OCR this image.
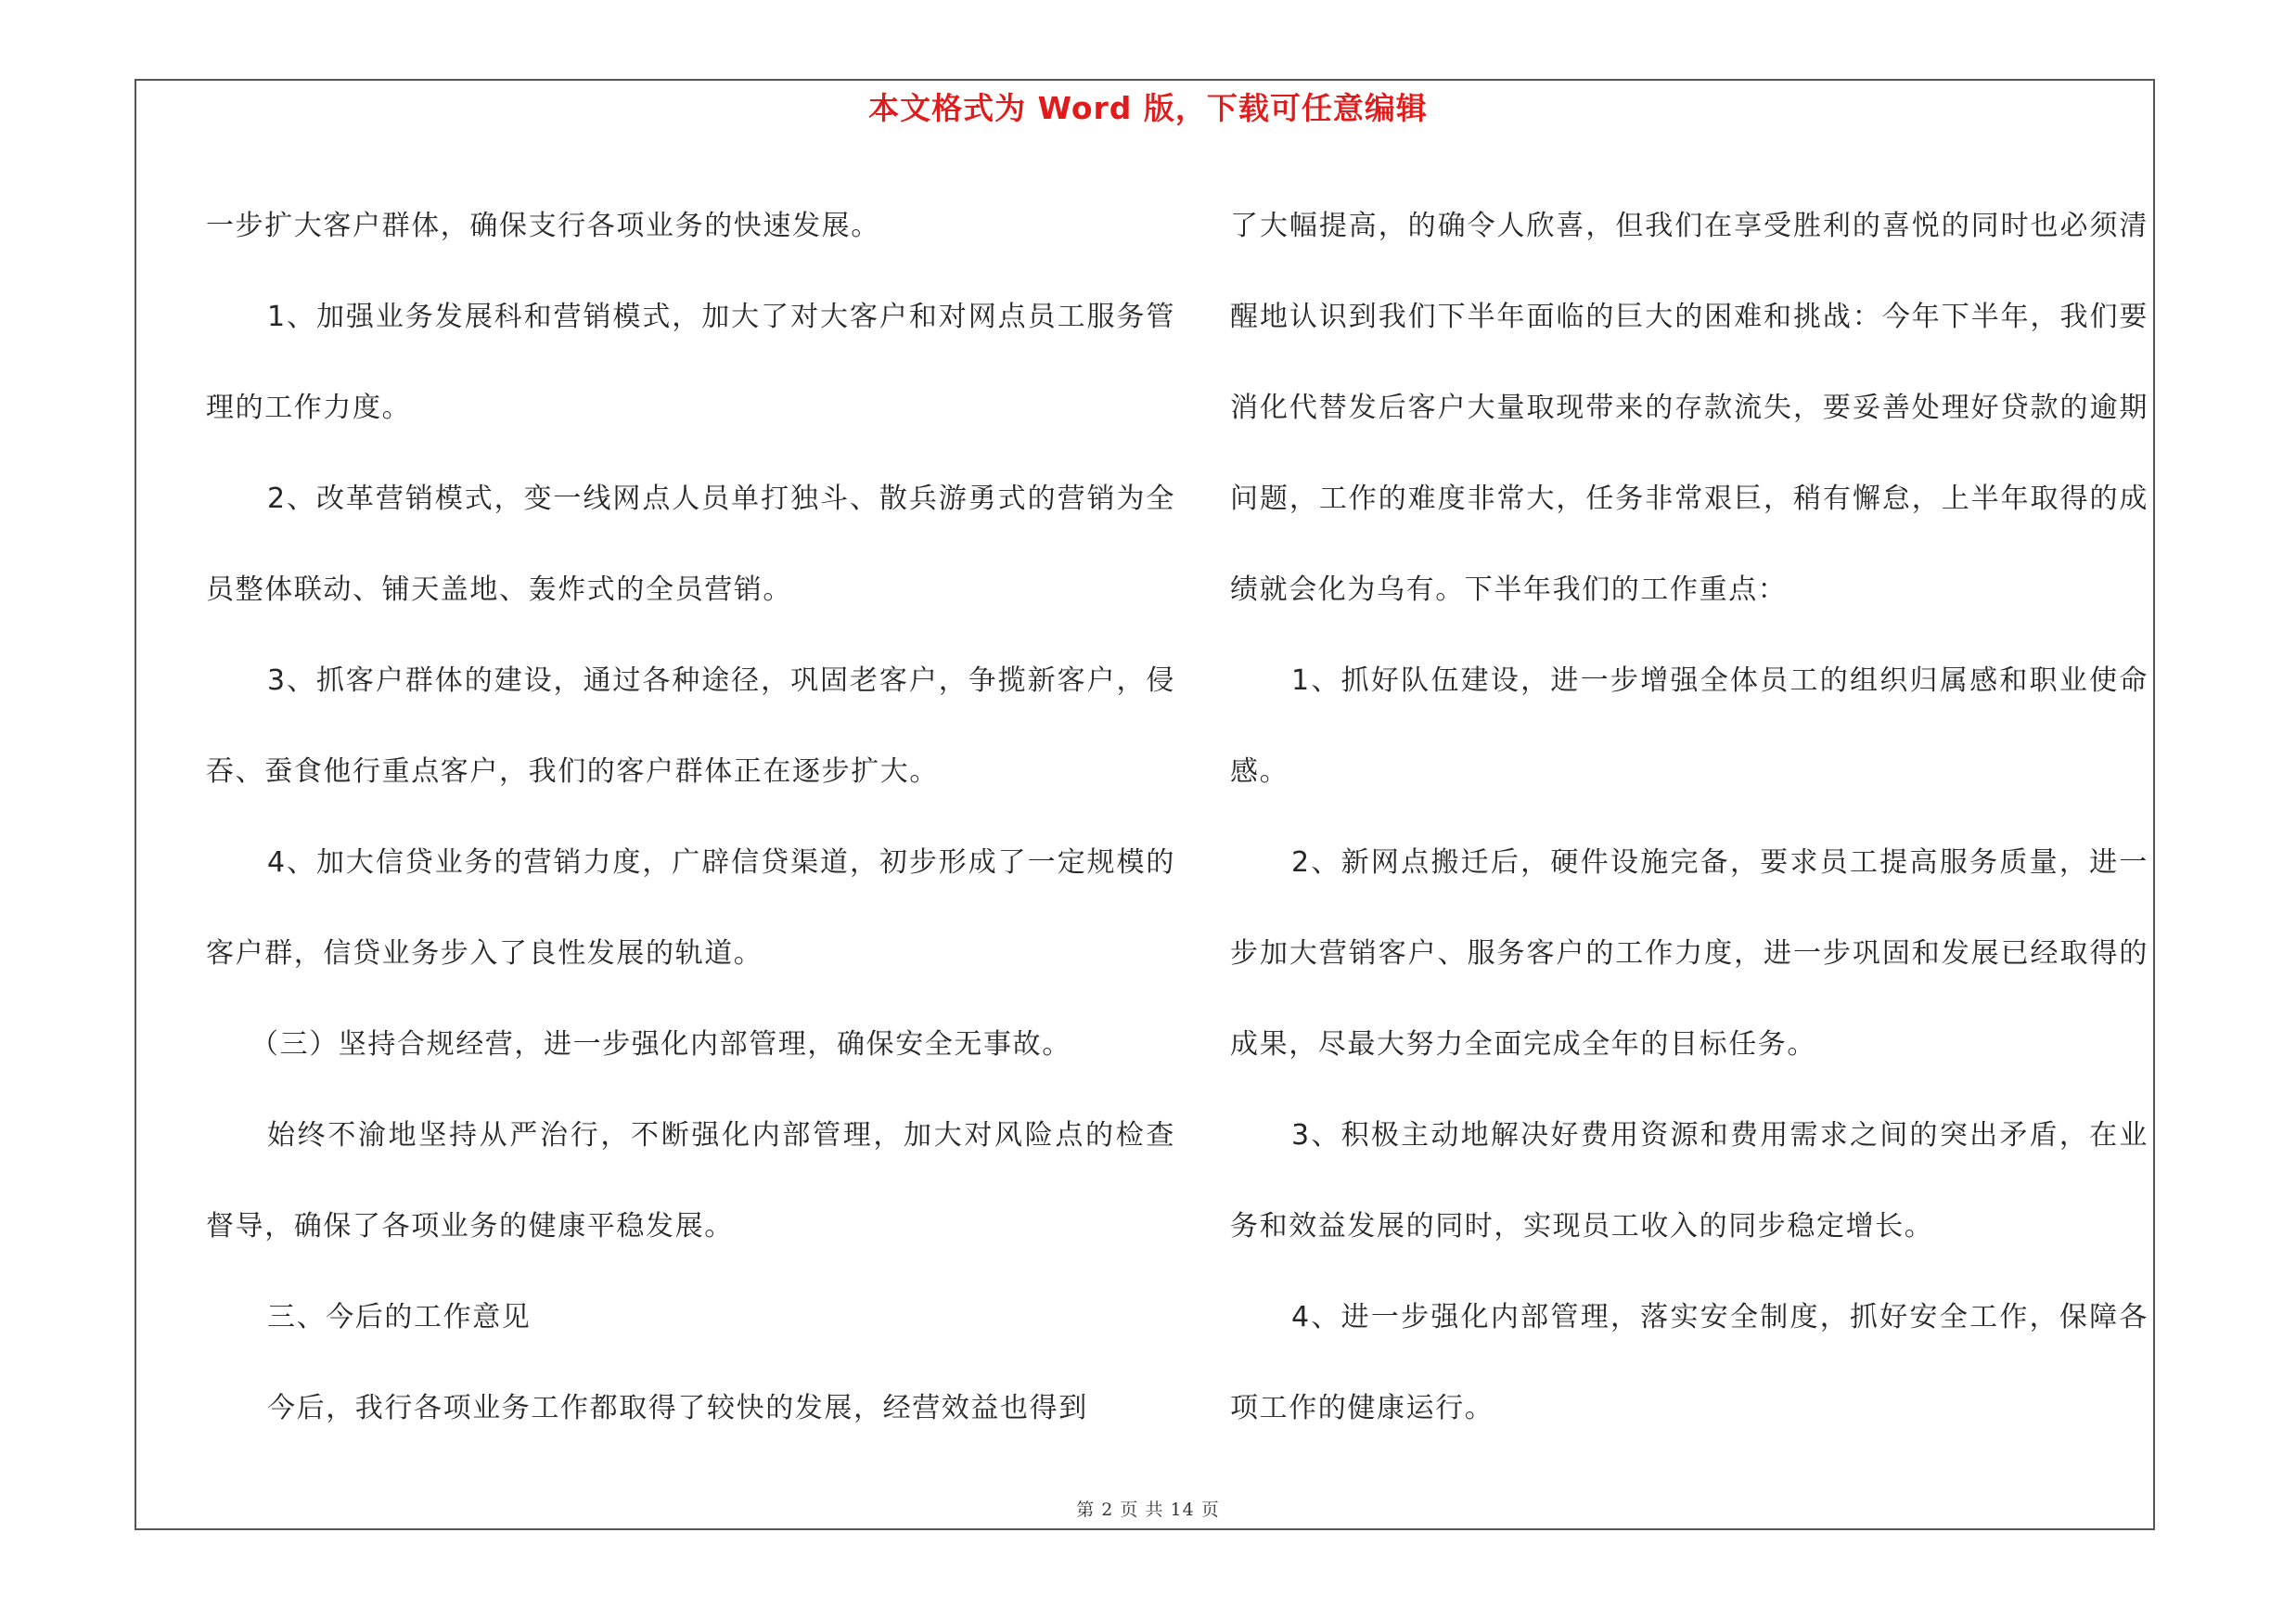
本文格式为 Word 版，下载可任意编辑

一步扩大客户群体，确保支行各项业务的快速发展。

1、加强业务发展科和营销模式，加大了对大客户和对网点员工服务管理的工作力度。

2、改革营销模式，变一线网点人员单打独斗、散兵游勇式的营销为全员整体联动、铺天盖地、轰炸式的全员营销。

3、抓客户群体的建设，通过各种途径，巩固老客户，争揽新客户，侵吞、蚕食他行重点客户，我们的客户群体正在逐步扩大。

4、加大信贷业务的营销力度，广辟信贷渠道，初步形成了一定规模的客户群，信贷业务步入了良性发展的轨道。

（三）坚持合规经营，进一步强化内部管理，确保安全无事故。

始终不渝地坚持从严治行，不断强化内部管理，加大对风险点的检查督导，确保了各项业务的健康平稳发展。

三、今后的工作意见

今后，我行各项业务工作都取得了较快的发展，经营效益也得到

了大幅提高，的确令人欣喜，但我们在享受胜利的喜悦的同时也必须清醒地认识到我们下半年面临的巨大的困难和挑战：今年下半年，我们要消化代替发后客户大量取现带来的存款流失，要妥善处理好贷款的逾期问题，工作的难度非常大，任务非常艰巨，稍有懈怠，上半年取得的成绩就会化为乌有。下半年我们的工作重点：

1、抓好队伍建设，进一步增强全体员工的组织归属感和职业使命感。

2、新网点搬迁后，硬件设施完备，要求员工提高服务质量，进一步加大营销客户、服务客户的工作力度，进一步巩固和发展已经取得的成果，尽最大努力全面完成全年的目标任务。

3、积极主动地解决好费用资源和费用需求之间的突出矛盾，在业务和效益发展的同时，实现员工收入的同步稳定增长。

4、进一步强化内部管理，落实安全制度，抓好安全工作，保障各项工作的健康运行。

第 2 页 共 14 页
